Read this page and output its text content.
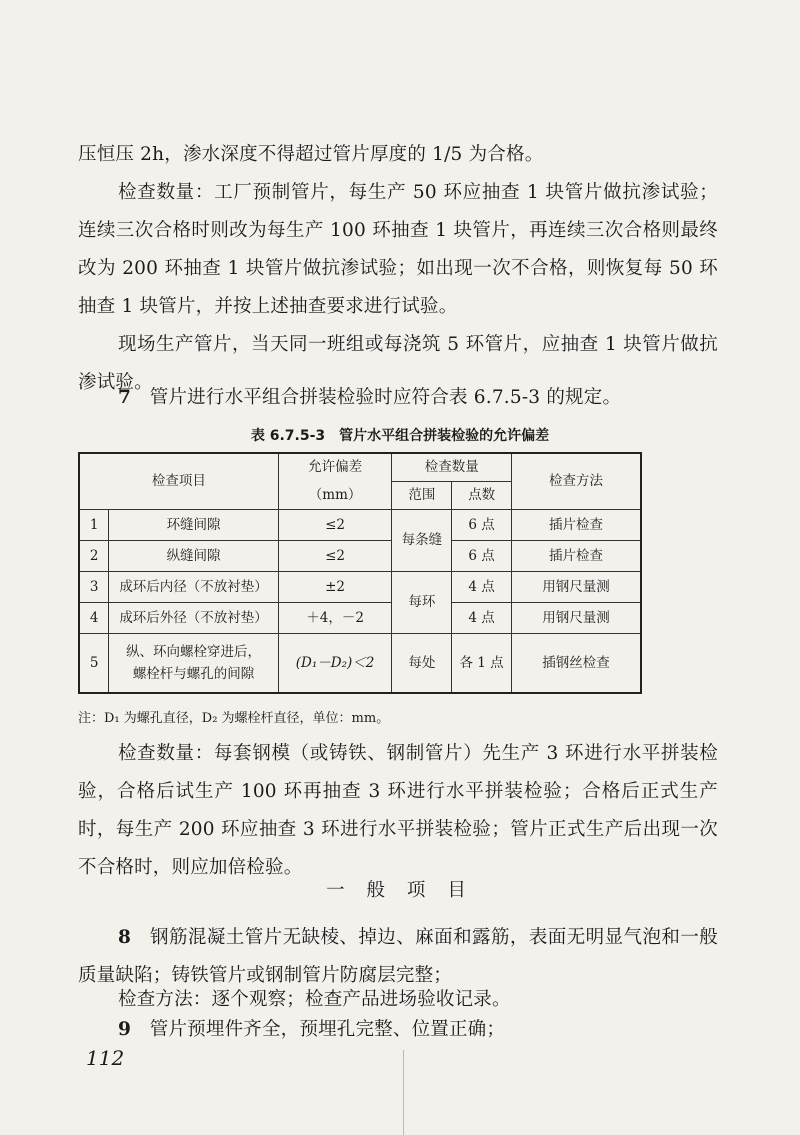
压恒压 2h，渗水深度不得超过管片厚度的 1/5 为合格。

检查数量：工厂预制管片，每生产 50 环应抽查 1 块管片做抗渗试验；连续三次合格时则改为每生产 100 环抽查 1 块管片，再连续三次合格则最终改为 200 环抽查 1 块管片做抗渗试验；如出现一次不合格，则恢复每 50 环抽查 1 块管片，并按上述抽查要求进行试验。

现场生产管片，当天同一班组或每浇筑 5 环管片，应抽查 1 块管片做抗渗试验。

7  管片进行水平组合拼装检验时应符合表 6.7.5-3 的规定。

表 6.7.5-3　管片水平组合拼装检验的允许偏差
检查项目		允许偏差
（mm）	检查数量		检查方法
			范围	点数	
1	环缝间隙	≤2	每条缝	6 点	插片检查
2	纵缝间隙	≤2		6 点	插片检查
3	成环后内径（不放衬垫）	±2	每环	4 点	用钢尺量测
4	成环后外径（不放衬垫）	＋4，－2		4 点	用钢尺量测
5	纵、环向螺栓穿进后，
螺栓杆与螺孔的间隙	(D₁－D₂)＜2	每处	各 1 点	插钢丝检查
注：D₁ 为螺孔直径，D₂ 为螺栓杆直径，单位：mm。

检查数量：每套钢模（或铸铁、钢制管片）先生产 3 环进行水平拼装检验，合格后试生产 100 环再抽查 3 环进行水平拼装检验；合格后正式生产时，每生产 200 环应抽查 3 环进行水平拼装检验；管片正式生产后出现一次不合格时，则应加倍检验。

一 般 项 目

8  钢筋混凝土管片无缺棱、掉边、麻面和露筋，表面无明显气泡和一般质量缺陷；铸铁管片或钢制管片防腐层完整；

检查方法：逐个观察；检查产品进场验收记录。

9  管片预埋件齐全，预埋孔完整、位置正确；

112
